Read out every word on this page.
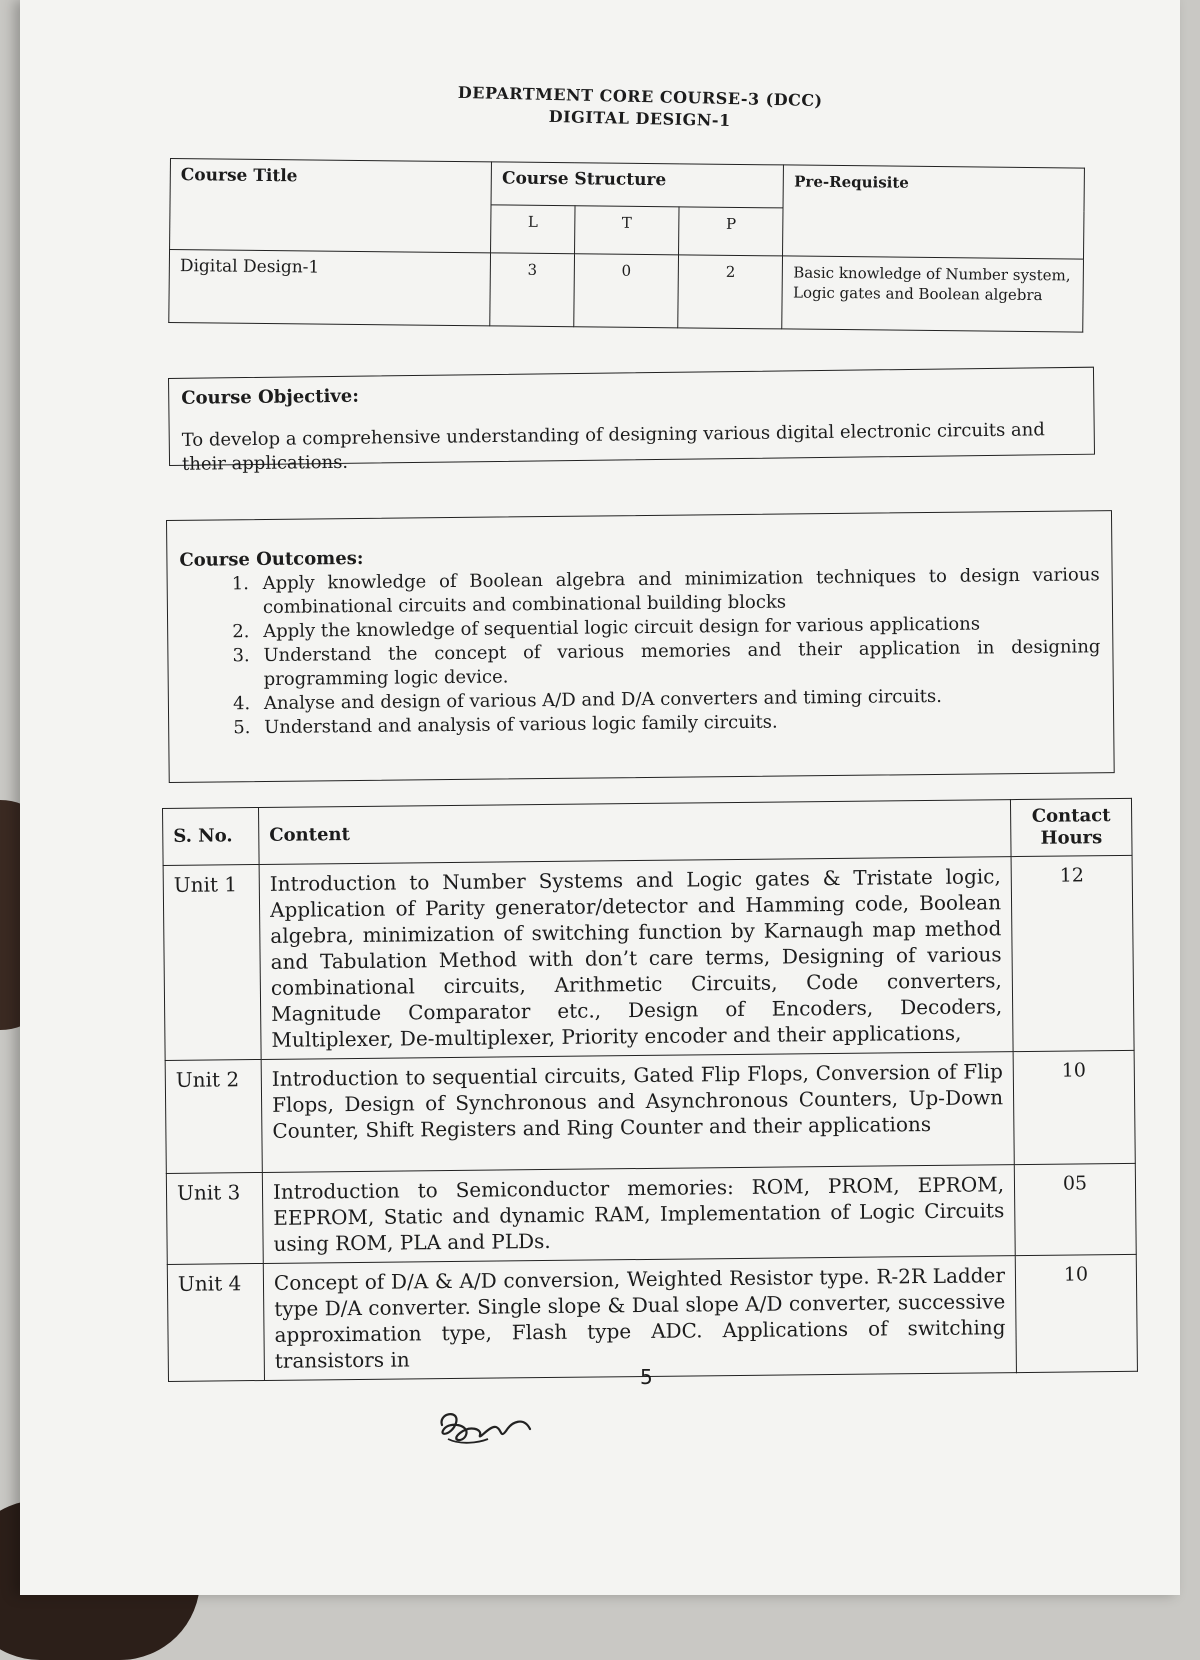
DEPARTMENT CORE COURSE-3 (DCC)
DIGITAL DESIGN-1
Course Title	Course Structure			Pre-Requisite
	L	T	P	
Digital Design-1	3	0	2	Basic knowledge of Number system, Logic gates and Boolean algebra
Course Objective:
To develop a comprehensive understanding of designing various digital electronic circuits and their applications.
Course Outcomes:
1. Apply knowledge of Boolean algebra and minimization techniques to design various combinational circuits and combinational building blocks
2. Apply the knowledge of sequential logic circuit design for various applications
3. Understand the concept of various memories and their application in designing programming logic device.
4. Analyse and design of various A/D and D/A converters and timing circuits.
5. Understand and analysis of various logic family circuits.
S. No.	Content	Contact Hours
Unit 1	Introduction to Number Systems and Logic gates & Tristate logic, Application of Parity generator/detector and Hamming code, Boolean algebra, minimization of switching function by Karnaugh map method and Tabulation Method with don’t care terms, Designing of various combinational circuits, Arithmetic Circuits, Code converters, Magnitude Comparator etc., Design of Encoders, Decoders, Multiplexer, De-multiplexer, Priority encoder and their applications,	12
Unit 2	Introduction to sequential circuits, Gated Flip Flops, Conversion of Flip Flops, Design of Synchronous and Asynchronous Counters, Up-Down Counter, Shift Registers and Ring Counter and their applications	10
Unit 3	Introduction to Semiconductor memories: ROM, PROM, EPROM, EEPROM, Static and dynamic RAM, Implementation of Logic Circuits using ROM, PLA and PLDs.	05
Unit 4	Concept of D/A & A/D conversion, Weighted Resistor type. R-2R Ladder type D/A converter. Single slope & Dual slope A/D converter, successive approximation type, Flash type ADC. Applications of switching transistors in	10
5
